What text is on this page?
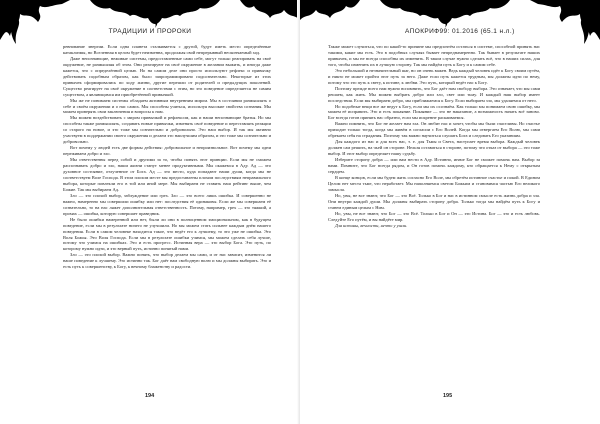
ТРАДИЦИИ И ПРОРОКИ

ревнование энергии. Если одна планета сталкивается с другой, будут иметь место определённые катаклизмы, но Вселенная в целом будет неизменна, продолжая свой непрерывный нескончаемый ход.

Даже непознающие, неживые системы, предоставленные сами себе, могут только реагировать на своё окружение, не размышляя об этом. Они реагируют на своё окружение в желании выжить, и иногда даже кажется, что с определённой целью. Но на самом деле они просто используют рефлекс и привычку действовать подобным образом, как было запрограммировано подсознательно. Некоторые из этих привычек сформировались по ходу жизни, другие перешли от родителей и предыдущих поколений. Существо реагирует на своё окружение в соответствии с этим, но это поведение определяется не самим существом, а являющимся им приобретённой привычкой.

Мы же не понимаем системы обладаем активным внутренним миром. Мы в состоянии размышлять о себе и своём окружении и о нас самих. Мы способны учиться, используя высокие свойства сознания. Мы можем проверять свои заключения и вопросы к нам.

Мы можем воздействовать с миром привычкой и рефлексом, как и наши непознающие братья. Но мы способны также размышлять, создавать новые привычки, изменять своё поведение и переставлять реакции со старого на новое, и это тоже мы сознательно и добровольно. Это наш выбор. И так мы активно участвуем в поддержании своего окружения и делаем это наилучшим образом, и это тоже мы сознательно и добровольно.

Вот почему у людей есть две формы действия: добровольное и непроизвольное. Вот почему мы одни переживаем добро и зло.

Мы ответственны перед собой и другими за то, чтобы понять этот принцип. Если мы не сможем распознавать добро и зло, наши жизни станут менее продуктивными. Мы окажемся в Аду. Ад — это духовное состояние, отлученное от Бога. Ад — это место, куда попадают наши души, когда мы не соответствуем Воле Господа. В этом плохом месте мы предоставлены плохим последствиям неправильного выбора, которые повлекли его в той или иной мере. Мы выбираем не ставить наш рейтинг выше, чем Божие. Так мы выбираем Ад.

Зло — это плохой выбор, заблуждение или грех. Зло — это всего лишь ошибка. И совершенно не важно, намеренно мы совершили ошибку или нет: последствия её одинаковы. Если же мы совершаем её сознательно, то на нас ляжет дополнительная ответственность. Потому, например, грех — это тяжкий, а промах — ошибка, которую совершает праведник.

Не было ошибки намеренной или нет, были ли они в полноценном эмоциональном, как в будущем поведение, если мы в результате ничего не улучшили. Но мы можем стать сильнее каждым днём нашего поведения. Если в самом человеке находится такое, что ведёт его к лучшему, то это уже не ошибка. Это Воля Божья. Это Воля Господа. Если мы в результате ошибки учимся, мы можем сделать себя лучше, потому что учимся на ошибках. Это и есть прогресс. Истинная вера — это выбор Бога. Это путь, по которому нужно идти, и это верный путь, истинно понятый нами.

Зло — это плохой выбор. Важно понять, что выбор делаем мы сами, и от нас зависит, изменится ли наше поведение к лучшему. Это истинно так. Бог даёт нам свободную волю и мы должны выбирать. Это и есть путь к совершенству, к Богу, к вечному блаженству и радости.

194
АПОКРИФ99: 01.2016 (65.1 н.л.)
195

Также может случиться, что по какой-то причине мы предпочтём остаться в системе, способной принять нас такими, какие мы есть. Это в подобных случаях бывает непреднамеренно. Так бывает в результате наших привычек, и мы не всегда способны их изменить. В таком случае нужно сделать всё, что в наших силах, для того, чтобы изменить их в лучшую сторону. Так мы найдём путь к Богу и к самим себе.

Это небольшой и незначительный шаг, но он очень важен. Ведь каждый человек идёт к Богу своим путём, и никто не может пройти этот путь за него. Даже если путь кажется трудным, мы должны идти по нему, потому что это путь к свету, к истине, к любви. Это путь, который ведёт нас к Богу.

Поэтому прежде всего нам нужно вспомнить, что Бог даёт нам свободу выбора. Это означает, что мы сами решаем, как жить. Мы можем выбрать добро или зло, свет или тьму. И каждый наш выбор имеет последствия. Если мы выбираем добро, мы приближаемся к Богу. Если выбираем зло, мы удаляемся от него.

Но подобные вещи все же ведут к Богу, если мы их осознаём. Как только мы понимаем свою ошибку, мы можем её исправить. Это и есть покаяние. Покаяние — это не наказание, а возможность начать всё заново. Бог всегда готов принять нас обратно, если мы искренне раскаиваемся.

Важно помнить, что Бог не желает нам зла. Он любит нас и хочет, чтобы мы были счастливы. Но счастье приходит только тогда, когда мы живём в согласии с Его Волей. Когда мы отвергаем Его Волю, мы сами обрекаем себя на страдания. Поэтому так важно научиться слушать Бога и следовать Его указаниям.

Для каждого из нас и для всех нас, т. е. для Тьмы и Света, наступает время выбора. Каждый человек должен сам решить, на чьей он стороне. Нельзя оставаться в стороне, потому что отказ от выбора — это тоже выбор. И этот выбор определяет нашу судьбу.

Изберите сторону добра — или вам нести в Аду. Истинно, иначе Бог не сможет помочь вам. Выбор за вами. Помните, что Бог всегда рядом, и Он готов помочь каждому, кто обращается к Нему с открытым сердцем.

В конце концов, если мы будем жить согласно Его Воле, мы обретём истинное счастье и покой. В Едином Целом нет места тьме, что неработает. Мы наполняемся светом Божьим и становимся частью Его великого замысла.

Но, увы, не все знают, что Бог — это Всё. Только в Бог и нас в истинном смысле есть жизнь добра и зла. Они внутри каждой души. Мы должны выбирать сторону добра. Только тогда мы найдём путь к Богу и станем единым целым с Ним.

Но, увы, не все знают, что Бог — это Всё. Только в Бог и Он — это Истина. Бог — это и есть любовь. Следуйте Его путём, и вы найдёте мир.

Для истины, вечности, нечто у ушли.
